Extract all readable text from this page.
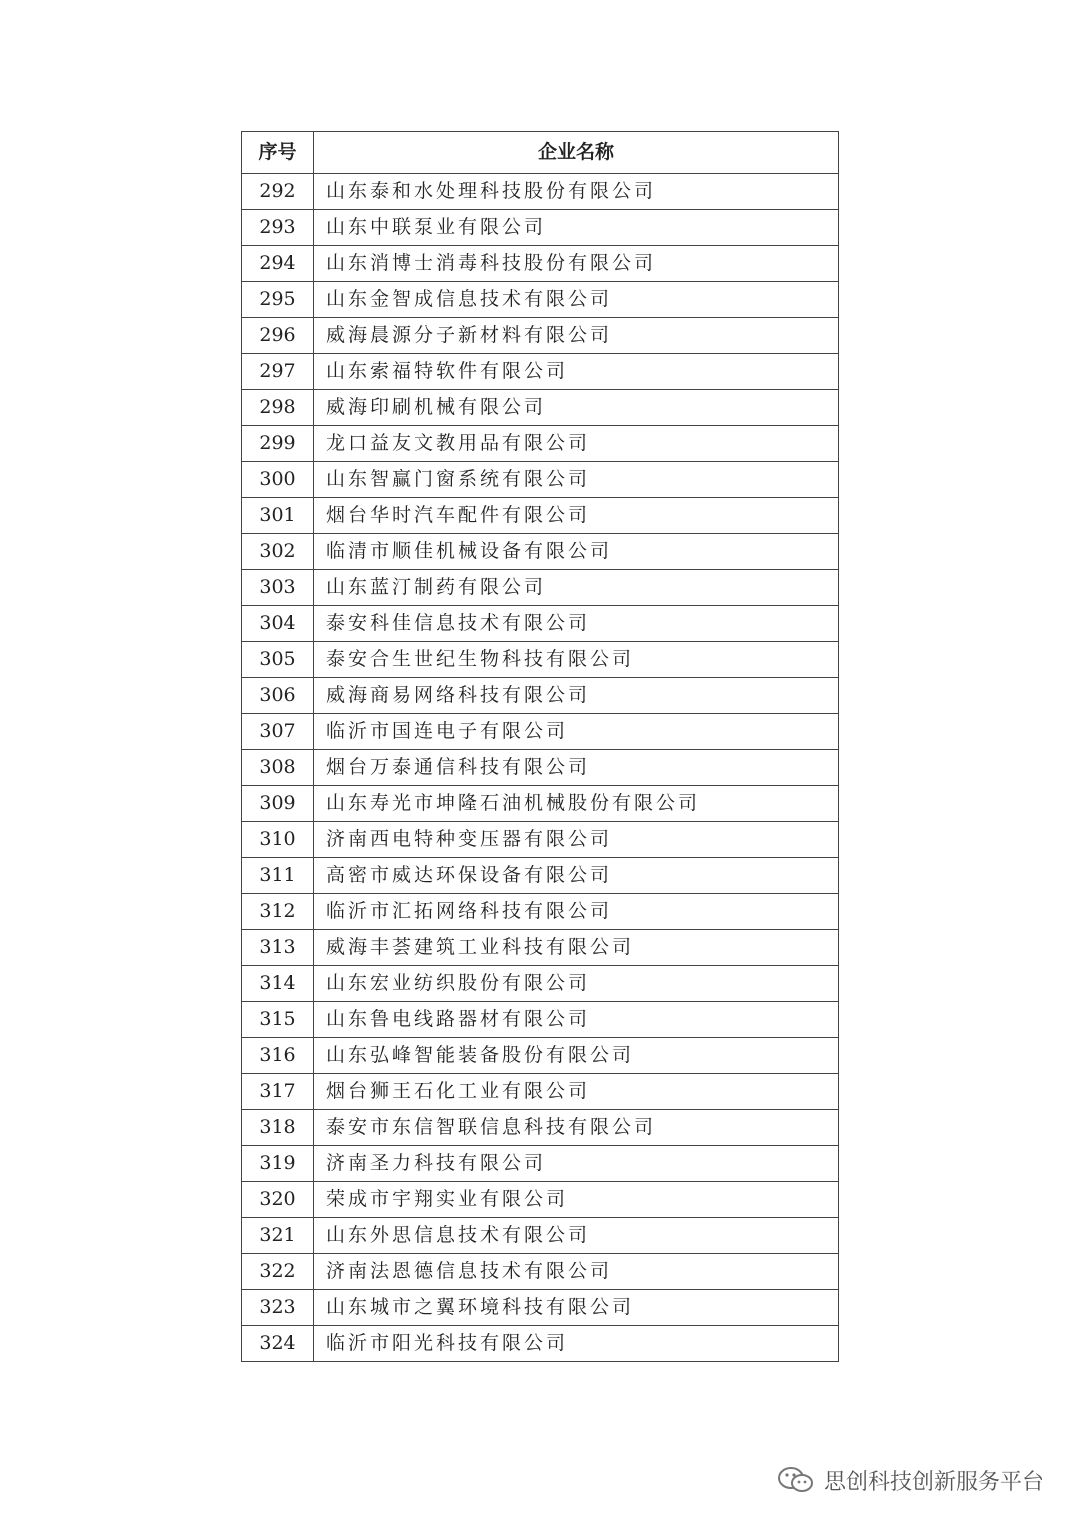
序号	企业名称
292	山东泰和水处理科技股份有限公司
293	山东中联泵业有限公司
294	山东消博士消毒科技股份有限公司
295	山东金智成信息技术有限公司
296	威海晨源分子新材料有限公司
297	山东索福特软件有限公司
298	威海印刷机械有限公司
299	龙口益友文教用品有限公司
300	山东智赢门窗系统有限公司
301	烟台华时汽车配件有限公司
302	临清市顺佳机械设备有限公司
303	山东蓝汀制药有限公司
304	泰安科佳信息技术有限公司
305	泰安合生世纪生物科技有限公司
306	威海商易网络科技有限公司
307	临沂市国连电子有限公司
308	烟台万泰通信科技有限公司
309	山东寿光市坤隆石油机械股份有限公司
310	济南西电特种变压器有限公司
311	高密市威达环保设备有限公司
312	临沂市汇拓网络科技有限公司
313	威海丰荟建筑工业科技有限公司
314	山东宏业纺织股份有限公司
315	山东鲁电线路器材有限公司
316	山东弘峰智能装备股份有限公司
317	烟台狮王石化工业有限公司
318	泰安市东信智联信息科技有限公司
319	济南圣力科技有限公司
320	荣成市宇翔实业有限公司
321	山东外思信息技术有限公司
322	济南法恩德信息技术有限公司
323	山东城市之翼环境科技有限公司
324	临沂市阳光科技有限公司
思创科技创新服务平台
